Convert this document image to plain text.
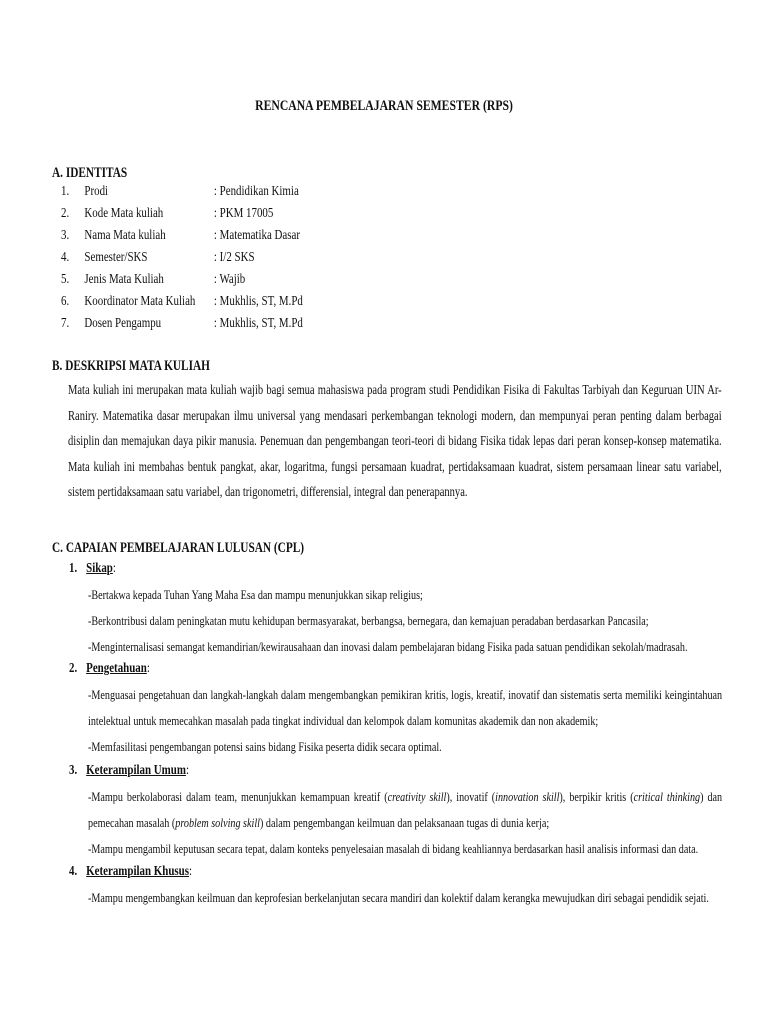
RENCANA PEMBELAJARAN SEMESTER (RPS)
A. IDENTITAS
1. Prodi	: Pendidikan Kimia
2. Kode Mata kuliah	: PKM 17005
3. Nama Mata kuliah	: Matematika Dasar
4. Semester/SKS	: I/2 SKS
5. Jenis Mata Kuliah	: Wajib
6. Koordinator Mata Kuliah : Mukhlis, ST, M.Pd
7. Dosen Pengampu	: Mukhlis, ST, M.Pd
B. DESKRIPSI MATA KULIAH
Mata kuliah ini merupakan mata kuliah wajib bagi semua mahasiswa pada program studi Pendidikan Fisika di Fakultas Tarbiyah dan Keguruan UIN Ar-Raniry. Matematika dasar merupakan ilmu universal yang mendasari perkembangan teknologi modern, dan mempunyai peran penting dalam berbagai disiplin dan memajukan daya pikir manusia. Penemuan dan pengembangan teori-teori di bidang Fisika tidak lepas dari peran konsep-konsep matematika. Mata kuliah ini membahas bentuk pangkat, akar, logaritma, fungsi persamaan kuadrat, pertidaksamaan kuadrat, sistem persamaan linear satu variabel, sistem pertidaksamaan satu variabel, dan trigonometri, differensial, integral dan penerapannya.
C. CAPAIAN PEMBELAJARAN LULUSAN (CPL)
1. Sikap:
-Bertakwa kepada Tuhan Yang Maha Esa dan mampu menunjukkan sikap religius;
-Berkontribusi dalam peningkatan mutu kehidupan bermasyarakat, berbangsa, bernegara, dan kemajuan peradaban berdasarkan Pancasila;
-Menginternalisasi semangat kemandirian/kewirausahaan dan inovasi dalam pembelajaran bidang Fisika pada satuan pendidikan sekolah/madrasah.
2. Pengetahuan:
-Menguasai pengetahuan dan langkah-langkah dalam mengembangkan pemikiran kritis, logis, kreatif, inovatif dan sistematis serta memiliki keingintahuan intelektual untuk memecahkan masalah pada tingkat individual dan kelompok dalam komunitas akademik dan non akademik;
-Memfasilitasi pengembangan potensi sains bidang Fisika peserta didik secara optimal.
3. Keterampilan Umum:
-Mampu berkolaborasi dalam team, menunjukkan kemampuan kreatif (creativity skill), inovatif (innovation skill), berpikir kritis (critical thinking) dan pemecahan masalah (problem solving skill) dalam pengembangan keilmuan dan pelaksanaan tugas di dunia kerja;
-Mampu mengambil keputusan secara tepat, dalam konteks penyelesaian masalah di bidang keahliannya berdasarkan hasil analisis informasi dan data.
4. Keterampilan Khusus:
-Mampu mengembangkan keilmuan dan keprofesian berkelanjutan secara mandiri dan kolektif dalam kerangka mewujudkan diri sebagai pendidik sejati.
